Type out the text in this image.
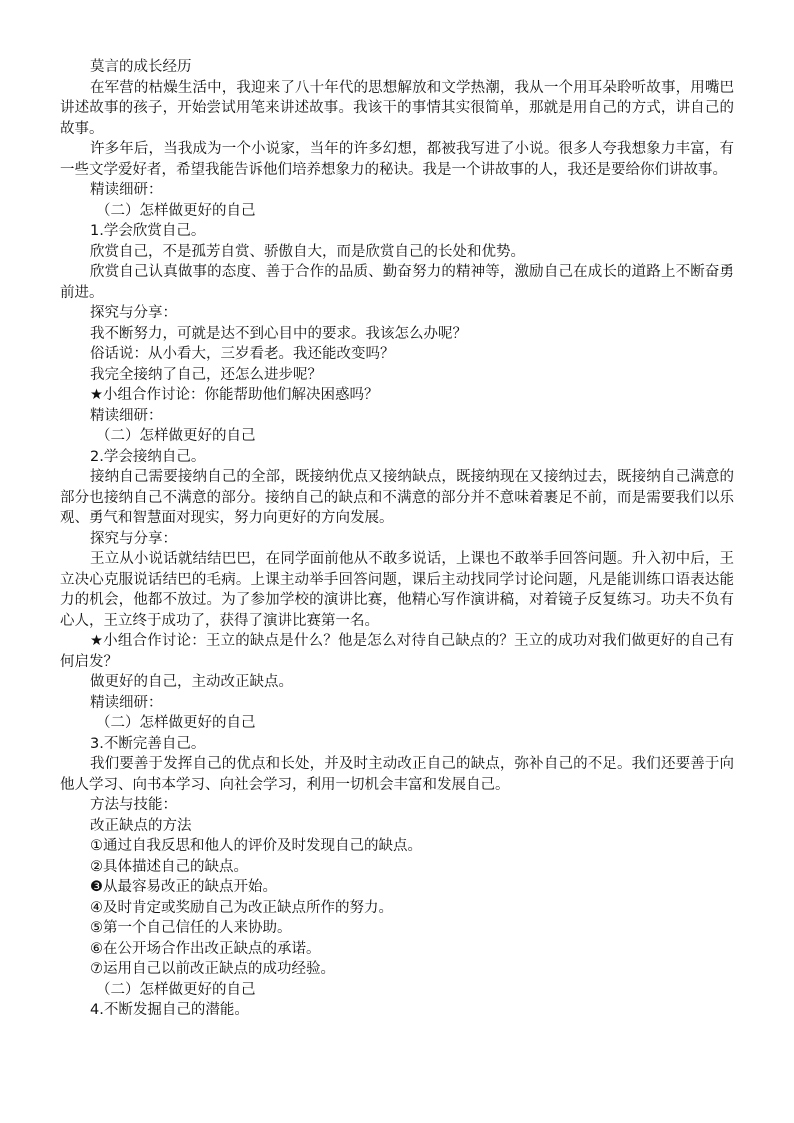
莫言的成长经历

在军营的枯燥生活中，我迎来了八十年代的思想解放和文学热潮，我从一个用耳朵聆听故事，用嘴巴讲述故事的孩子，开始尝试用笔来讲述故事。我该干的事情其实很简单，那就是用自己的方式，讲自己的故事。

许多年后，当我成为一个小说家，当年的许多幻想，都被我写进了小说。很多人夸我想象力丰富，有一些文学爱好者，希望我能告诉他们培养想象力的秘诀。我是一个讲故事的人，我还是要给你们讲故事。

精读细研：

（二）怎样做更好的自己

1.学会欣赏自己。

欣赏自己，不是孤芳自赏、骄傲自大，而是欣赏自己的长处和优势。

欣赏自己认真做事的态度、善于合作的品质、勤奋努力的精神等，激励自己在成长的道路上不断奋勇前进。

探究与分享：

我不断努力，可就是达不到心目中的要求。我该怎么办呢？

俗话说：从小看大，三岁看老。我还能改变吗？

我完全接纳了自己，还怎么进步呢？

★小组合作讨论：你能帮助他们解决困惑吗？

精读细研：

（二）怎样做更好的自己

2.学会接纳自己。

接纳自己需要接纳自己的全部，既接纳优点又接纳缺点，既接纳现在又接纳过去，既接纳自己满意的部分也接纳自己不满意的部分。接纳自己的缺点和不满意的部分并不意味着裹足不前，而是需要我们以乐观、勇气和智慧面对现实，努力向更好的方向发展。

探究与分享：

王立从小说话就结结巴巴，在同学面前他从不敢多说话，上课也不敢举手回答问题。升入初中后，王立决心克服说话结巴的毛病。上课主动举手回答问题，课后主动找同学讨论问题，凡是能训练口语表达能力的机会，他都不放过。为了参加学校的演讲比赛，他精心写作演讲稿，对着镜子反复练习。功夫不负有心人，王立终于成功了，获得了演讲比赛第一名。

★小组合作讨论：王立的缺点是什么？他是怎么对待自己缺点的？王立的成功对我们做更好的自己有何启发？

做更好的自己，主动改正缺点。

精读细研：

（二）怎样做更好的自己

3.不断完善自己。

我们要善于发挥自己的优点和长处，并及时主动改正自己的缺点，弥补自己的不足。我们还要善于向他人学习、向书本学习、向社会学习，利用一切机会丰富和发展自己。

方法与技能：

改正缺点的方法

①通过自我反思和他人的评价及时发现自己的缺点。

②具体描述自己的缺点。

❸从最容易改正的缺点开始。

④及时肯定或奖励自己为改正缺点所作的努力。

⑤第一个自己信任的人来协助。

⑥在公开场合作出改正缺点的承诺。

⑦运用自己以前改正缺点的成功经验。

（二）怎样做更好的自己

4.不断发掘自己的潜能。
